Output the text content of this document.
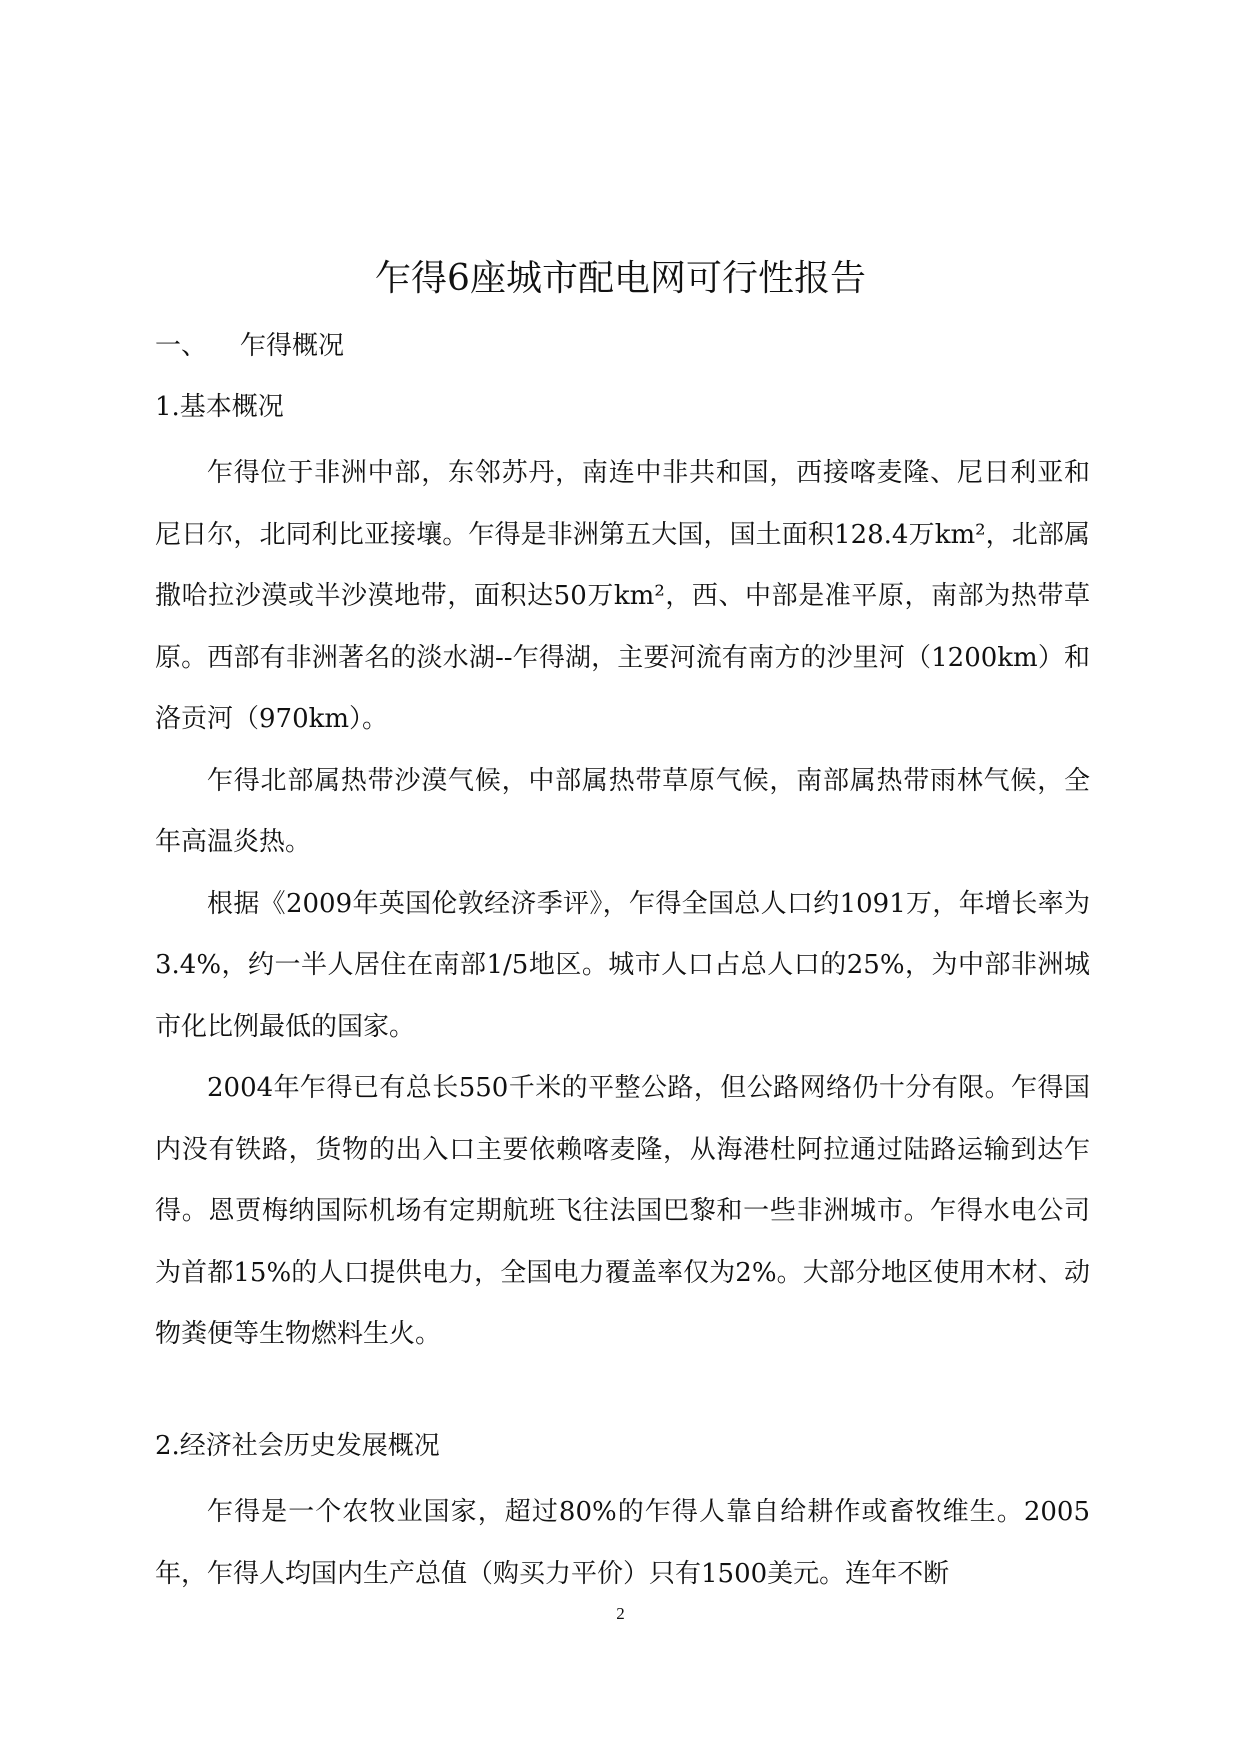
乍得6座城市配电网可行性报告
一、 乍得概况
1.基本概况

乍得位于非洲中部，东邻苏丹，南连中非共和国，西接喀麦隆、尼日利亚和尼日尔，北同利比亚接壤。乍得是非洲第五大国，国土面积128.4万km²，北部属撒哈拉沙漠或半沙漠地带，面积达50万km²，西、中部是准平原，南部为热带草原。西部有非洲著名的淡水湖--乍得湖，主要河流有南方的沙里河（1200km）和洛贡河（970km）。

乍得北部属热带沙漠气候，中部属热带草原气候，南部属热带雨林气候，全年高温炎热。

根据《2009年英国伦敦经济季评》，乍得全国总人口约1091万，年增长率为3.4%，约一半人居住在南部1/5地区。城市人口占总人口的25%，为中部非洲城市化比例最低的国家。

2004年乍得已有总长550千米的平整公路，但公路网络仍十分有限。乍得国内没有铁路，货物的出入口主要依赖喀麦隆，从海港杜阿拉通过陆路运输到达乍得。恩贾梅纳国际机场有定期航班飞往法国巴黎和一些非洲城市。乍得水电公司为首都15%的人口提供电力，全国电力覆盖率仅为2%。大部分地区使用木材、动物粪便等生物燃料生火。

2.经济社会历史发展概况

乍得是一个农牧业国家，超过80%的乍得人靠自给耕作或畜牧维生。2005年，乍得人均国内生产总值（购买力平价）只有1500美元。连年不断

2
